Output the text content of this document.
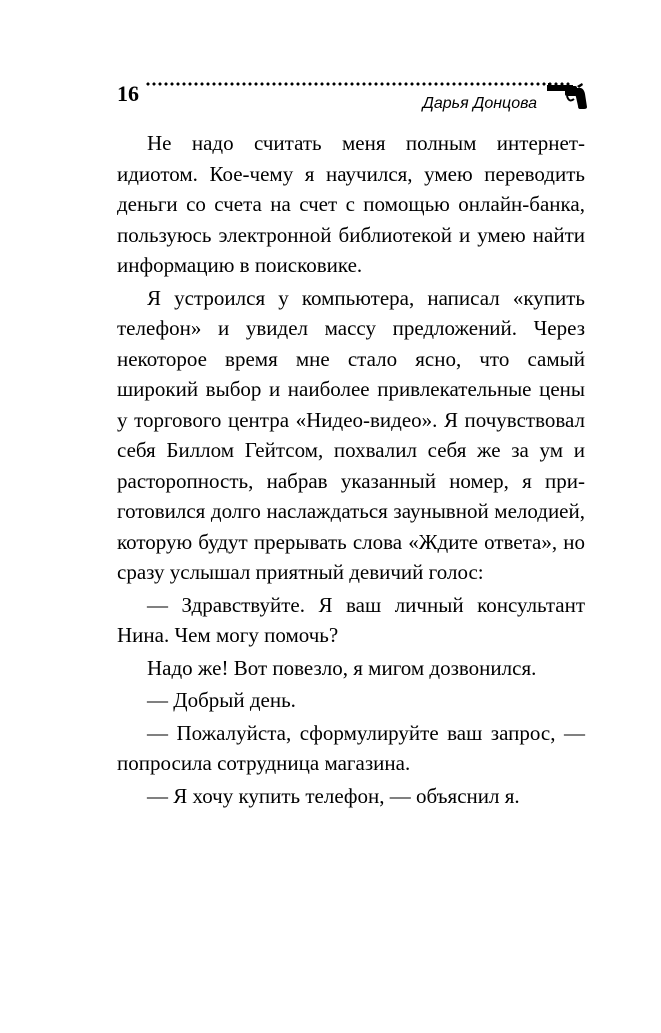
16	Дарья Донцова

Не надо считать меня полным интернет-идиотом. Кое-чему я научился, умею переводить деньги со счета на счет с помощью онлайн-банка, пользуюсь электронной библиотекой и умею найти информацию в поисковике.

Я устроился у компьютера, написал «купить телефон» и увидел массу предложений. Через некоторое время мне стало ясно, что самый широкий выбор и наиболее привлекательные цены у торгового центра «Нидео-видео». Я почувствовал себя Биллом Гейтсом, похвалил себя же за ум и расторопность, набрав указанный номер, я приготовился долго наслаждаться заунывной мелодией, которую будут прерывать слова «Ждите ответа», но сразу услышал приятный девичий голос:

— Здравствуйте. Я ваш личный консультант Нина. Чем могу помочь?

Надо же! Вот повезло, я мигом дозвонился.

— Добрый день.

— Пожалуйста, сформулируйте ваш запрос, — попросила сотрудница магазина.

— Я хочу купить телефон, — объяснил я.
